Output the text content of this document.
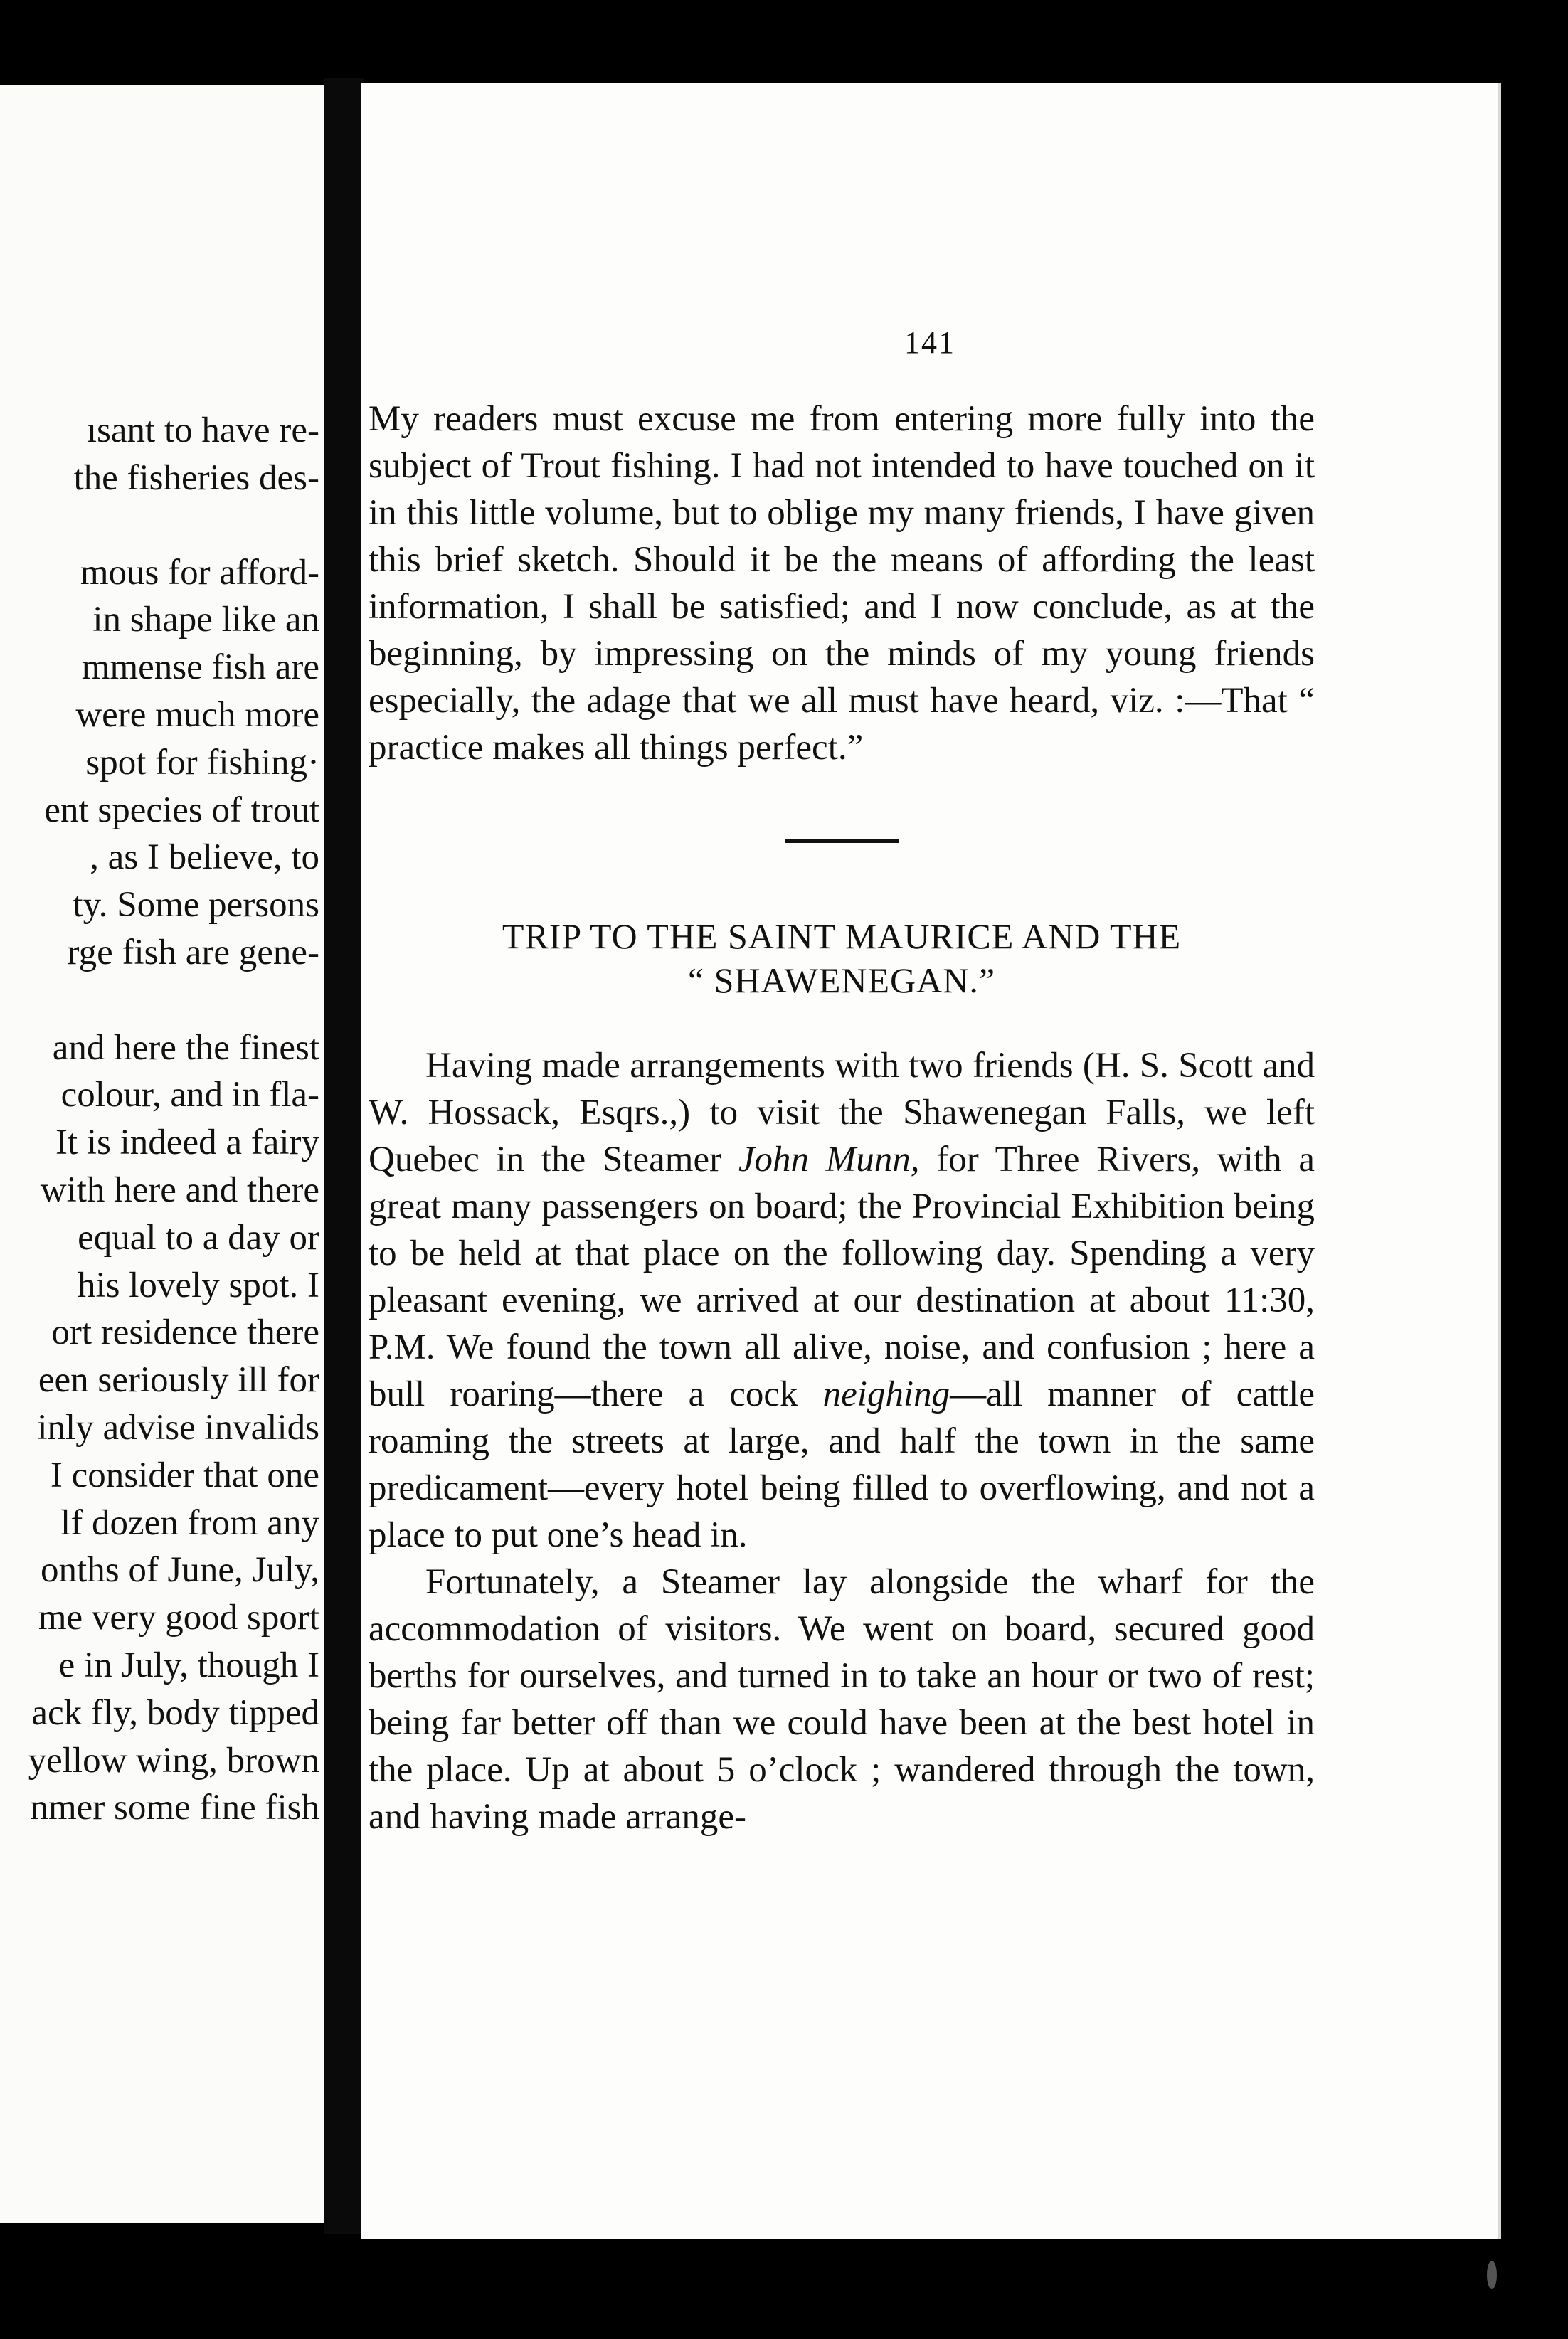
ısant to have re-
the fisheries des-
mous for afford-
in shape like an
mmense fish are
were much more
spot for fishing·
ent species of trout
, as I believe, to
ty. Some persons
rge fish are gene-
and here the finest
colour, and in fla-
It is indeed a fairy
with here and there
equal to a day or
his lovely spot. I
ort residence there
een seriously ill for
inly advise invalids
I consider that one
lf dozen from any
onths of June, July,
me very good sport
e in July, though I
ack fly, body tipped
yellow wing, brown
nmer some fine fish
141

My readers must excuse me from entering more fully into the subject of Trout fishing. I had not intended to have touched on it in this little volume, but to oblige my many friends, I have given this brief sketch. Should it be the means of affording the least information, I shall be satisfied; and I now conclude, as at the beginning, by impressing on the minds of my young friends especially, the adage that we all must have heard, viz. :—That “ practice makes all things perfect.”

TRIP TO THE SAINT MAURICE AND THE
“ SHAWENEGAN.”

Having made arrangements with two friends (H. S. Scott and W. Hossack, Esqrs.,) to visit the Shawenegan Falls, we left Quebec in the Steamer John Munn, for Three Rivers, with a great many passengers on board; the Provincial Exhibition being to be held at that place on the following day. Spending a very pleasant evening, we arrived at our destination at about 11:30, P.M. We found the town all alive, noise, and confusion ; here a bull roaring—there a cock neighing—all manner of cattle roaming the streets at large, and half the town in the same predicament—every hotel being filled to overflowing, and not a place to put one’s head in.

Fortunately, a Steamer lay alongside the wharf for the accommodation of visitors. We went on board, secured good berths for ourselves, and turned in to take an hour or two of rest; being far better off than we could have been at the best hotel in the place. Up at about 5 o’clock ; wandered through the town, and having made arrange-
